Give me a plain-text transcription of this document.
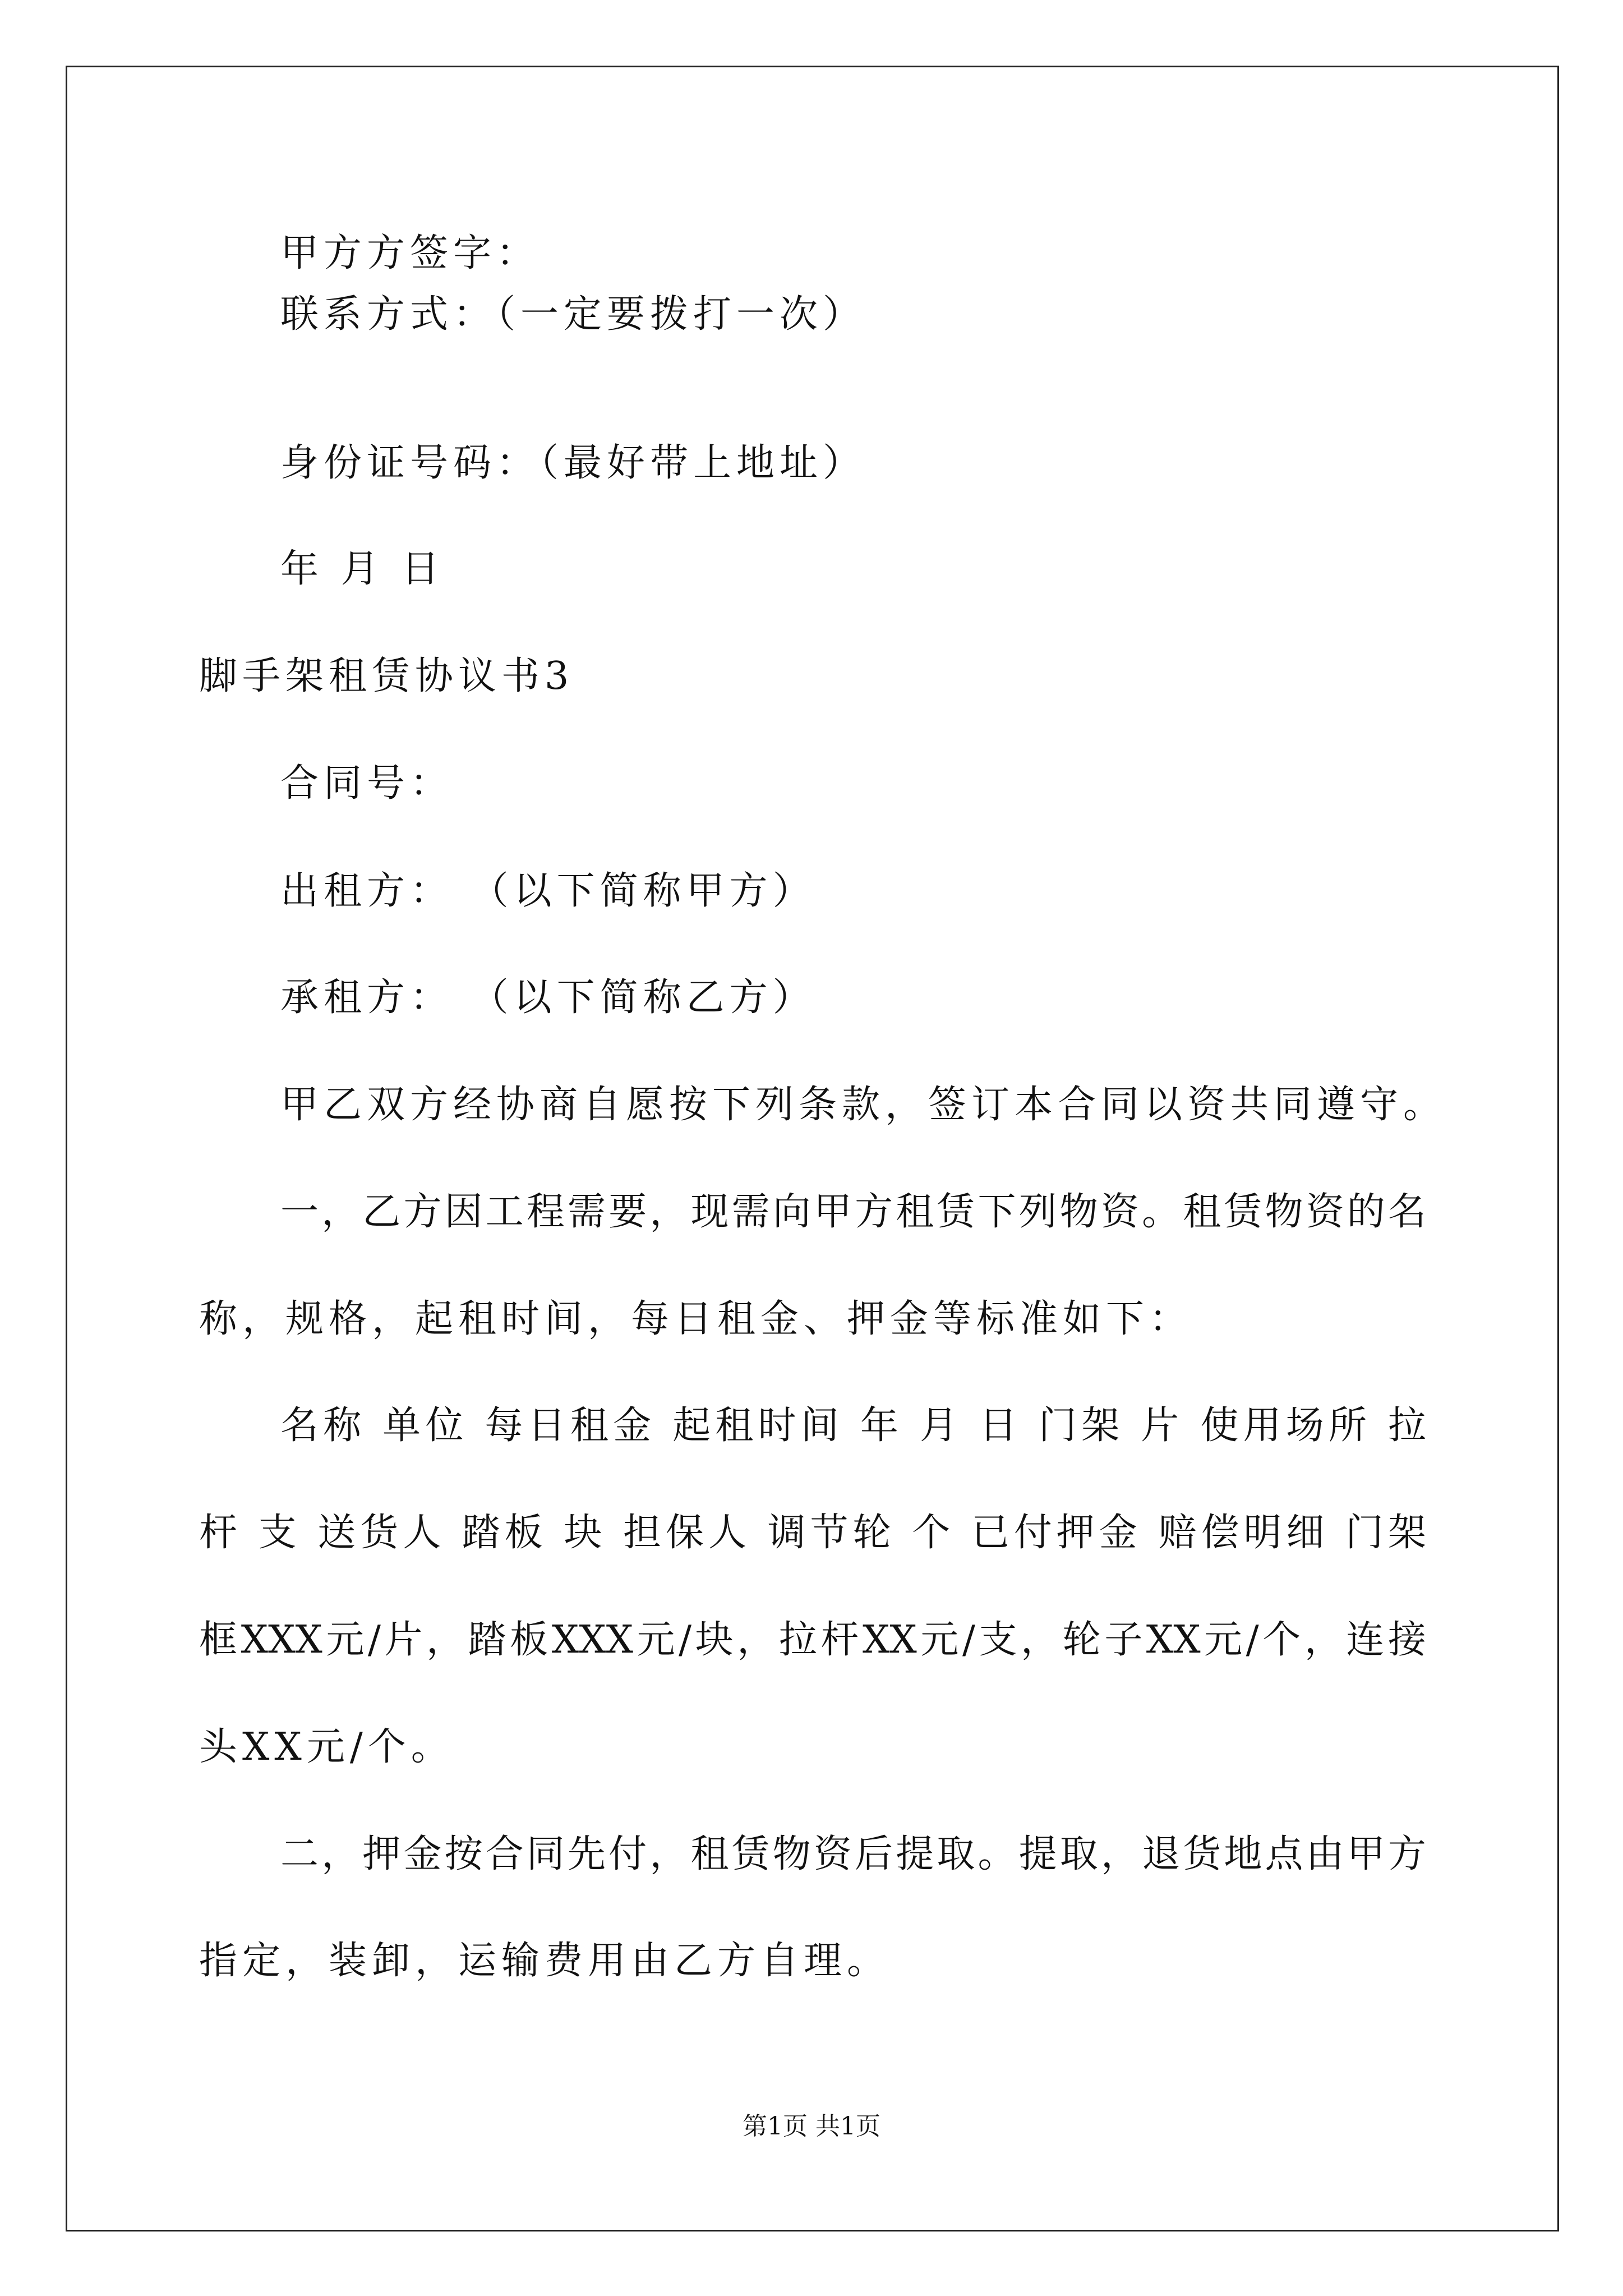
甲方方签字：
联系方式：（一定要拨打一次）
身份证号码：（最好带上地址）
年 月 日
脚手架租赁协议书3
合同号：
出租方： （以下简称甲方）
承租方： （以下简称乙方）
甲乙双方经协商自愿按下列条款，签订本合同以资共同遵守。
一，乙方因工程需要，现需向甲方租赁下列物资。租赁物资的名
称，规格，起租时间，每日租金、押金等标准如下：
名称 单位 每日租金 起租时间 年 月 日 门架 片 使用场所 拉
杆 支 送货人 踏板 块 担保人 调节轮 个 已付押金 赔偿明细 门架
框XXX元/片，踏板XXX元/块，拉杆XX元/支，轮子XX元/个，连接
头XX元/个。
二，押金按合同先付，租赁物资后提取。提取，退货地点由甲方
指定，装卸，运输费用由乙方自理。
第1页 共1页
